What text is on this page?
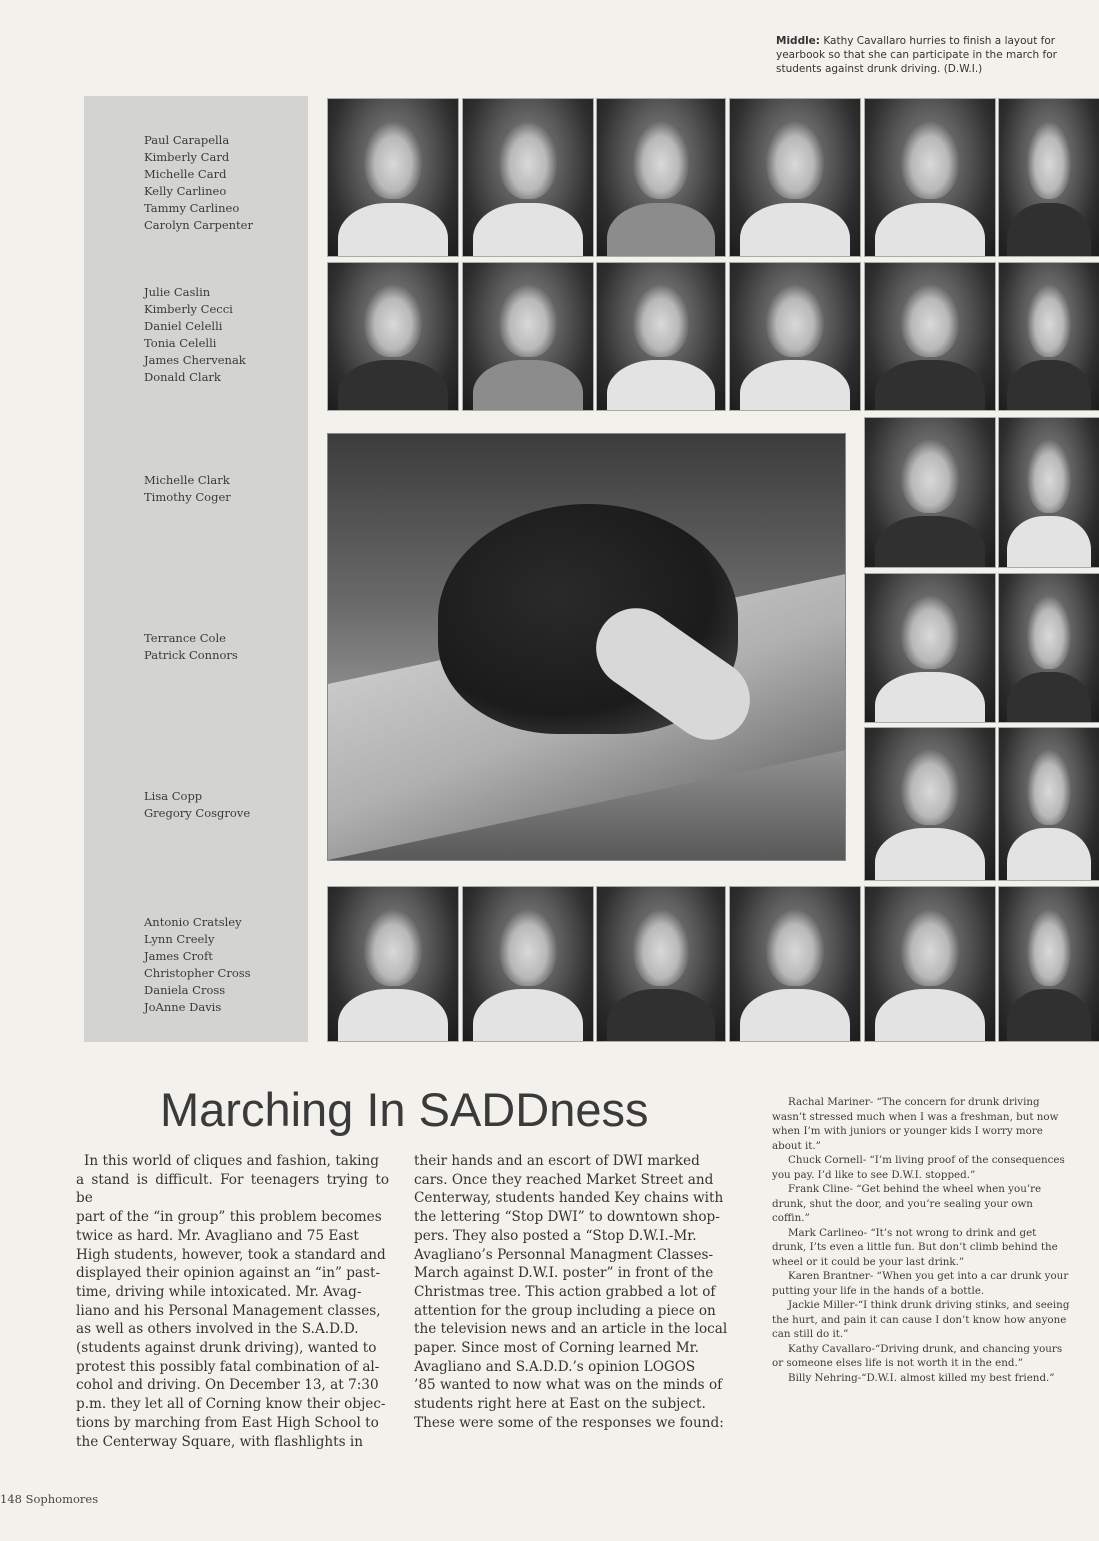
Middle: Kathy Cavallaro hurries to finish a layout for
yearbook so that she can participate in the march for
students against drunk driving. (D.W.I.)
Paul Carapella
Kimberly Card
Michelle Card
Kelly Carlineo
Tammy Carlineo
Carolyn Carpenter
Julie Caslin
Kimberly Cecci
Daniel Celelli
Tonia Celelli
James Chervenak
Donald Clark
Michelle Clark
Timothy Coger
Terrance Cole
Patrick Connors
Lisa Copp
Gregory Cosgrove
Antonio Cratsley
Lynn Creely
James Croft
Christopher Cross
Daniela Cross
JoAnne Davis
Marching In SADDness

In this world of cliques and fashion, taking

a stand is difficult. For teenagers trying to be

part of the “in group” this problem becomes

twice as hard. Mr. Avagliano and 75 East

High students, however, took a standard and

displayed their opinion against an “in” past-

time, driving while intoxicated. Mr. Avag-

liano and his Personal Management classes,

as well as others involved in the S.A.D.D.

(students against drunk driving), wanted to

protest this possibly fatal combination of al-

cohol and driving. On December 13, at 7:30

p.m. they let all of Corning know their objec-

tions by marching from East High School to

the Centerway Square, with flashlights in

their hands and an escort of DWI marked

cars. Once they reached Market Street and

Centerway, students handed Key chains with

the lettering “Stop DWI” to downtown shop-

pers. They also posted a “Stop D.W.I.-Mr.

Avagliano’s Personnal Managment Classes-

March against D.W.I. poster” in front of the

Christmas tree. This action grabbed a lot of

attention for the group including a piece on

the television news and an article in the local

paper. Since most of Corning learned Mr.

Avagliano and S.A.D.D.’s opinion LOGOS

’85 wanted to now what was on the minds of

students right here at East on the subject.

These were some of the responses we found:

Rachal Mariner- “The concern for drunk driving
wasn’t stressed much when I was a freshman, but now
when I’m with juniors or younger kids I worry more
about it.”

Chuck Cornell- “I’m living proof of the consequences
you pay. I’d like to see D.W.I. stopped.”

Frank Cline- “Get behind the wheel when you’re
drunk, shut the door, and you’re sealing your own
coffin.”

Mark Carlineo- “It’s not wrong to drink and get
drunk, I’ts even a little fun. But don’t climb behind the
wheel or it could be your last drink.”

Karen Brantner- “When you get into a car drunk your
putting your life in the hands of a bottle.

Jackie Miller-“I think drunk driving stinks, and seeing
the hurt, and pain it can cause I don’t know how anyone
can still do it.”

Kathy Cavallaro-“Driving drunk, and chancing yours
or someone elses life is not worth it in the end.”

Billy Nehring-“D.W.I. almost killed my best friend.”

148 Sophomores
